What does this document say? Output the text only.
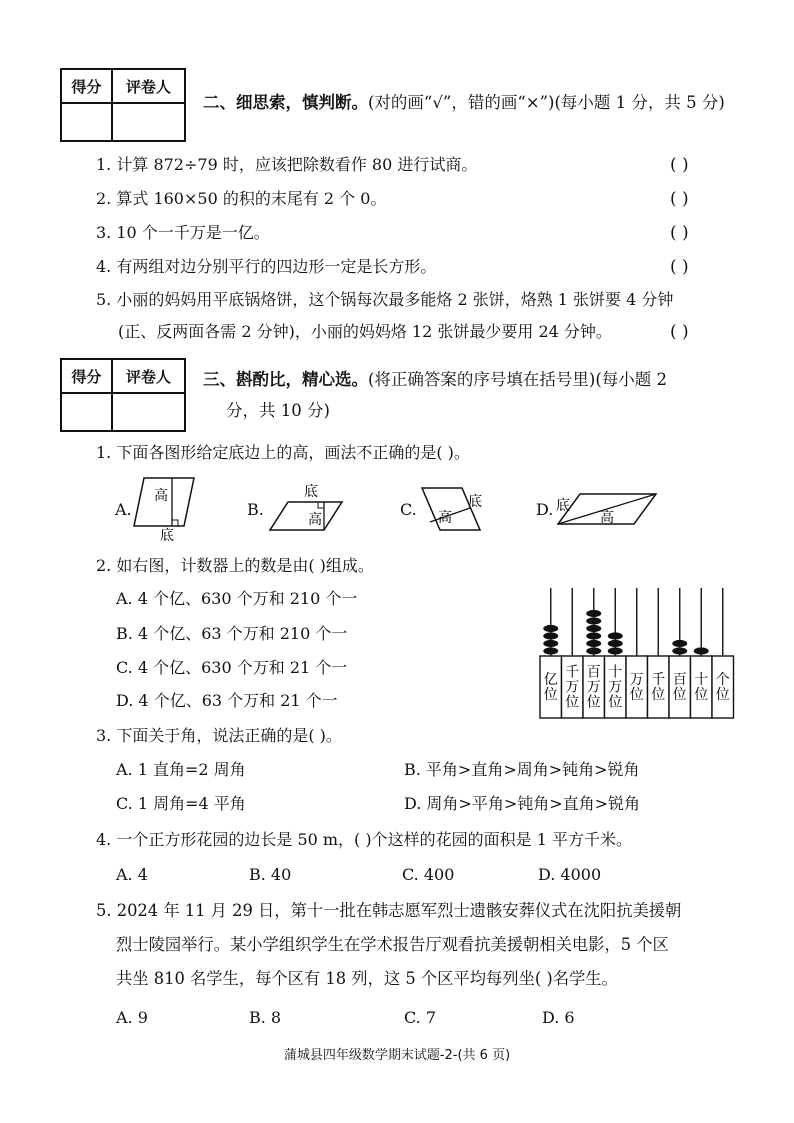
得分	评卷人

二、细思索，慎判断。(对的画“√”，错的画“×”)(每小题 1 分，共 5 分)
1. 计算 872÷79 时，应该把除数看作 80 进行试商。	( )
2. 算式 160×50 的积的末尾有 2 个 0。	( )
3. 10 个一千万是一亿。	( )
4. 有两组对边分别平行的四边形一定是长方形。	( )
5. 小丽的妈妈用平底锅烙饼，这个锅每次最多能烙 2 张饼，烙熟 1 张饼要 4 分钟
(正、反两面各需 2 分钟)，小丽的妈妈烙 12 张饼最少要用 24 分钟。	( )
得分	评卷人
	三、斟酌比，精心选。(将正确答案的序号填在括号里)(每小题 2
分，共 10 分)
1. 下面各图形给定底边上的高，画法不正确的是( )。
A.
高
底
B.
底
高
C. 高
底	D. 底
高
2. 如右图，计数器上的数是由( )组成。
A. 4 个亿、630 个万和 210 个一
B. 4 个亿、63 个万和 210 个一
C. 4 个亿、630 个万和 21 个一
D. 4 个亿、63 个万和 21 个一
亿
位
千
万
位
百
万
位
十
万
位
万
位
千
位
百
位
十
位
个
位
3. 下面关于角，说法正确的是( )。
A. 1 直角=2 周角	B. 平角>直角>周角>钝角>锐角
C. 1 周角=4 平角	D. 周角>平角>钝角>直角>锐角
4. 一个正方形花园的边长是 50 m，( )个这样的花园的面积是 1 平方千米。
A. 4	B. 40	C. 400	D. 4000
5. 2024 年 11 月 29 日，第十一批在韩志愿军烈士遗骸安葬仪式在沈阳抗美援朝
烈士陵园举行。某小学组织学生在学术报告厅观看抗美援朝相关电影，5 个区
共坐 810 名学生，每个区有 18 列，这 5 个区平均每列坐( )名学生。
A. 9	B. 8	C. 7	D. 6
蒲城县四年级数学期末试题-2-(共 6 页)
